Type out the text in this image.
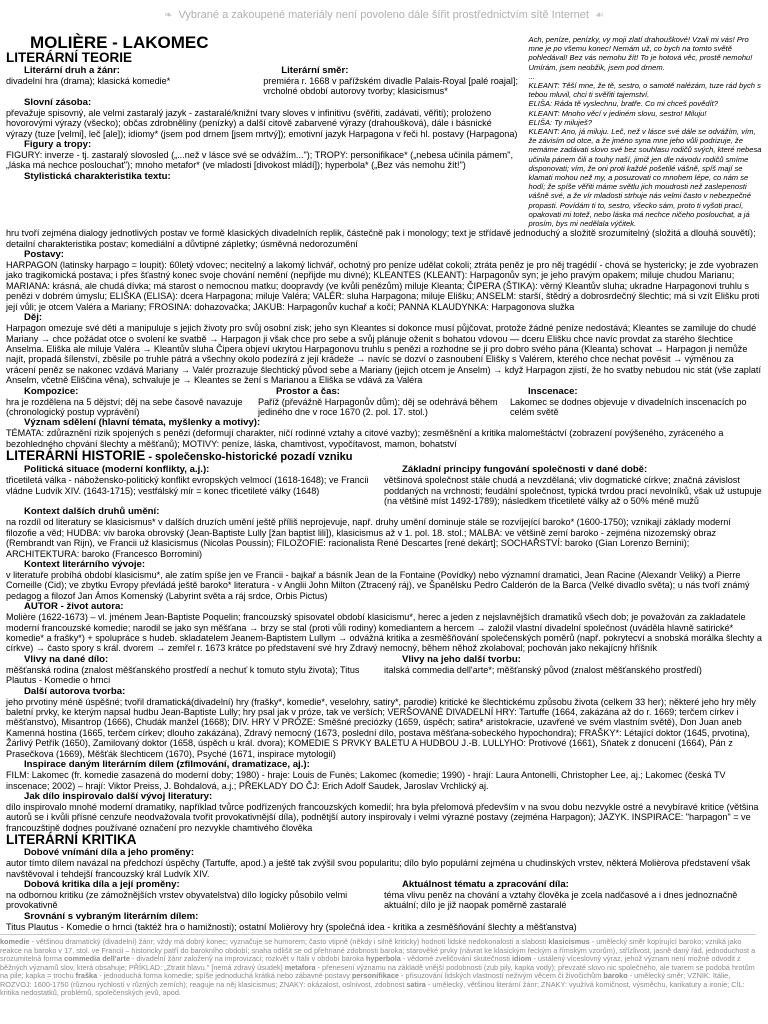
❧ Vybrané a zakoupené materiály není povoleno dále šířit prostřednictvím sítě Internet ☙
MOLIÈRE - LAKOMEC
LITERÁRNÍ TEORIE
Literární druh a žánr:

divadelní hra (drama); klasická komedie*

Literární směr:

premiéra r. 1668 v pařížském divadle Palais-Royal [palé roajal]; vrcholné období autorovy tvorby; klasicismus*

Slovní zásoba:

převažuje spisovný, ale velmi zastaralý jazyk - zastaralé/knižní tvary sloves v infinitivu (svěřiti, zadávati, věřiti); prolożeno hovorovými výrazy (všecko); občas zdrobněliny (penízky) a další citově zabarvené výrazy (drahoušková), dále i básnické výrazy (tuze [velmi], leč [ale]); idiomy* (jsem pod drnem [jsem mrtvý]); emotivní jazyk Harpagona v řeči hl. postavy (Harpagona)

Figury a tropy:

FIGURY: inverze - tj. zastaralý slovosled („...než v lásce své se odvážím..."); TROPY: personifikace* („nebesa učinila pámem", „láska má nechce poslouchat"); mnoho metafor* (ve mladosti [divokost mládí]); hyperbola* („Bez vás nemohu žít!")

Stylistická charakteristika textu:
Ach, peníze, penízky, vy moji zlatí drahouškové! Vzali mi vás! Pro mne je po všemu konec! Nemám už, co bych na tomto světě pohledával! Bez vás nemohu žít! To je hotová věc, prostě nemohu! Umírám, jsem neobžik, jsem pod drnem.
...
KLEANT: Těší mne, že tě, sestro, o samotě nalézám, tuze rád bych s tebou mluvil, chci ti svěřiti tajemství.
ELIŠA: Ráda tě vyslechnu, bratře. Co mi chceš povědít?
KLEANT: Mnoho věcí v jediném slovu, sestro! Miluju!
ELIŠA: Ty miluješ?
KLEANT: Ano, já miluju. Leč, než v lásce své dále se odvážím, vím, že závisím od otce, a že jméno syna mne jeho vůli podrizuje, že nemáme zadávati slovo své bez souhlasu rodičů svých, které nebesa učinila pánem čili a touhy naší, jimiž jen dle návodu rodičů smíme disponovati; vím, že oni proti každé pošetilé vášně, spíš mají se klamati mohou než my, a posuzovati co mnohem lépe, co nám se hodí; že spíše věřiti máme světlu jich moudrosti než zaslepenosti vášně své, a že vír mladosti strhuje nás velmi často v nebezpečné propasti. Povídám ti to, sestro, všecko sám, proto ti vyšoti prací, opakovati mi totež, nebo láska má nechce ničeho poslouchat, a já prosím, bys mi nedělala výčitek.

hru tvoří zejména dialogy jednotlivých postav ve formě klasických divadelních replik, částečně pak i monology; text je střídavě jednoduchý a složitě srozumitelný (složitá a dlouhá souvětí); detailní charakteristika postav; komediální a důvtipné zápletky; úsměvná nedorozumění

Postavy:

HARPAGON (latinsky harpago = loupit): 60letý vdovec; necitelný a lakomý lichvář, ochotný pro peníze udělat cokoli; ztráta peněz je pro něj tragédií - chová se hystericky; je zde vyobrazen jako tragikomická postava; i přes šťastný konec svoje chování nemění (nepřijde mu divné); KLEANTES (KLEANT): Harpagonův syn; je jeho pravým opakem; miluje chudou Marianu; MARIANA: krásná, ale chudá dívka; má starost o nemocnou matku; doopravdy (ve kvůli penězům) miluje Kleanta; ČIPERA (ŠTIKA): věrný Kleantův sluha; ukradne Harpagonovi truhlu s penězi v dobrém úmyslu; ELIŠKA (ELISA): dcera Harpagona; miluje Valéra; VALÉR: sluha Harpagona; miluje Elišku; ANSELM: starší, štědrý a dobrosrdečný šlechtic; má si vzít Elišku proti její vůli; je otcem Valéra a Mariany; FROSINA: dohazovačka; JAKUB: Harpagonův kuchař a kočí; PANNA KLAUDYNKA: Harpagonova služka

Děj:

Harpagon omezuje své děti a manipuluje s jejich životy pro svůj osobní zisk; jeho syn Kleantes si dokonce musí půjčovat, protože žádné peníze nedostává; Kleantes se zamiluje do chudé Mariany → chce požádat otce o svolení ke svatbě → Harpagon ji však chce pro sebe a svůj plánuje oženit s bohatou vdovou — dceru Elišku chce navíc provdat za starého šlechtice Anselma. Eliška ale miluje Valéra → Kleantův sluha Čipera objeví ukrytou Harpagonovu truhlu s penězi a rozhodne se ji pro dobro svého pána (Kleanta) schovat → Harpagon ji nemůže najít, propadá šílenství, zběsile po truhle pátrá a všechny okolo podezírá z její krádeže → navíc se dozví o zasnoubení Elišky s Valérem, kterého chce nechat pověsit → výměnou za vrácení peněz se nakonec vzdává Mariany → Valér prozrazuje šlechtický původ sebe a Mariany (jejich otcem je Anselm) → když Harpagon zjistí, že ho svatby nebudou nic stát (vše zaplatí Anselm, včetně Eliščina věna), schvaluje je → Kleantes se žení s Marianou a Eliška se vdává za Valéra

Kompozice:

hra je rozdělena na 5 dějství; děj na sebe časově navazuje (chronologický postup vyprávění)

Prostor a čas:

Paříž (převážně Harpagonův dům); děj se odehrává během jediného dne v roce 1670 (2. pol. 17. stol.)

Inscenace:

Lakomec se dodnes objevuje v divadelních inscenacích po celém světě

Význam sdělení (hlavní témata, myšlenky a motivy):

TÉMATA: zdůraznění rizik spojených s penězi (deformují charakter, ničí rodinné vztahy a citové vazby); zesměšnění a kritika malomeštáctví (zobrazení povýšeného, zyráceného a bezohledného chování šlechty a měšťanů); MOTIVY: peníze, láska, chamtivost, vypočítavost, mamon, bohatství

LITERÁRNÍ HISTORIE - společensko-historické pozadí vzniku
Politická situace (moderní konflikty, a.j.):

třicetiletá válka - náboženskо-politický konflikt evropských velmocí (1618-1648); ve Francii vládne Ludvík XIV. (1643-1715); vestfálský mír = konec třicetileté války (1648)

Základní principy fungování společnosti v dané době:

většinová společnost stále chudá a nevzdělaná; vliv dogmatické církve; značná závislost poddaných na vrchnosti; feudální společnost, typická tvrdou prací nevolníků, však už ustupuje (na většině míst 1492-1789); následkem třicetileté války až o 50% méně mužů

Kontext dalších druhů umění:

na rozdíl od literatury se klasicismus* v dalších druzích umění ještě příliš neprojevuje, např. druhy umění dominuje stále se rozvíjející baroko* (1600-1750); vznikají základy moderní filozofie a věd; HUDBA: viv baroka obrovský (Jean-Baptiste Lully [žan baptist lili]), klasicismus až v 1. pol. 18. stol.; MALBA: ve většině zemí baroko - zejména nizozemský obraz (Rembrandt van Rijn), ve Francii už klasicismus (Nicolas Poussin); FILOZOFIE: racionalista René Descartes [rené dekárt]; SOCHAŘSTVÍ: baroko (Gian Lorenzo Bernini); ARCHITEKTURA: baroko (Francesco Borromini)

Kontext literárního vývoje:

v literatuře probíhá období klasicismu*, ale zatím spíše jen ve Francii - bajkař a básník Jean de la Fontaine (Povídky) nebo významní dramatici, Jean Racine (Alexandr Veliký) a Pierre Corneille (Cid); ve zbytku Evropy převládá ještě baroko* literatura - v Anglii John Milton (Ztracený ráj), ve Španělsku Pedro Calderón de la Barca (Velké divadlo světa); u nás tvoří známý pedagog a filozof Jan Ámos Komenský (Labyrint světa a ráj srdce, Orbis Pictus)

AUTOR - život autora:

Molière (1622-1673) – vl. jménem Jean-Baptiste Poquelin; francouzský spisovatel období klasicismu*, herec a jeden z nejslavnějších dramatiků všech dob; je považován za zakladatele moderní francouzské komedie; narodil se jako syn měšťana → brzy se stal (proti vůli rodiny) komediantem a hercem → založil vlastní divadelní společnost (uváděla hlavně satirické* komedie* a frašky*) + spolupráce s hudeb. skladatelem Jeanem-Baptistem Lullym → odvážná kritika a zesměšňování společenských poměrů (např. pokrytecví a snobská morálka šlechty a církve) → často spory s král. dvorem → zemřel r. 1673 krátce po představení své hry Zdravý nemocný, během něhož zkolaboval; pochován jako nekajícný hříšník

Vlivy na dané dílo:

měšťanská rodina (znalost měšťanského prostředí a nechuť k tomuto stylu života); Titus Plautus - Komedie o hrnci

Vlivy na jeho další tvorbu:

italská commedia dell'arte*; měšťanský původ (znalost měšťanského prostředí)

Další autorova tvorba:

jeho prvotiny méně úspěšné; tvořil dramatická(divadelní) hry (frašky*, komedie*, veselohry, satiry*, parodie) kritické ke šlechtickému způsobu života (celkem 33 her); některé jeho hry měly baletní prvky, ke kterým napsal hudbu Jean-Baptiste Lully; hry psal jak v próze, tak ve verších; VERŠOVANÉ DIVADELNÍ HRY: Tartuffe (1664, zakázána až do r. 1669; terčem církev i měšťanstvo), Misantrop (1666), Chudák manžel (1668); DIV. HRY V PRÓZE: Směšné preciózky (1659, úspěch; satira* aristokracie, uzavřené ve svém vlastním světě), Don Juan aneb Kamenná hostina (1665, terčem církev; dlouho zakázána), Zdravý nemocný (1673, poslední dílo, postava měšťana-sobeckého hypochondra); FRAŠKY*: Létající doktor (1645, prvotina), Žárlivý Petřík (1650), Zamilovaný doktor (1658, úspěch u král. dvora); KOMEDIE S PRVKY BALETU A HUDBOU J.-B. LULLYHO: Protivové (1661), Sňatek z donucení (1664), Pán z Prasečkova (1669), Měšťák šlechticem (1670), Psyché (1671, inspirace mytologií)

Inspirace daným literárním dílem (zfilmování, dramatizace, aj.):

FILM: Lakomec (fr. komedie zasazená do moderní doby; 1980) - hraje: Louis de Funès; Lakomec (komedie; 1990) - hrají: Laura Antonelli, Christopher Lee, aj.; Lakomec (česká TV inscenace; 2002) – hrají: Viktor Preiss, J. Bohdalová, a.j.; PŘEKLADY DO ČJ: Erich Adolf Saudek, Jaroslav Vrchlický aj.

Jak dílo inspirovalo další vývoj literatury:

dílo inspirovalo mnohé moderní dramatiky, například tvůrce podřízených francouzských komedií; hra byla přelomová především v na svou dobu nezvykle ostré a nevybíravé kritice (většina autorů se i kvůli přísné cenzuře neodvažovala tvořit provokativnější díla), podnětjší autory inspirovaly i velmi výrazné postavy (zejména Harpagon); JAZYK. INSPIRACE: "harpagon" = ve francouzštině dodnes používané označení pro nezvykle chamtivého člověka

LITERÁRNÍ KRITIKA
Dobové vnímání díla a jeho proměny:

autor tímto dílem navázal na předchozí úspěchy (Tartuffe, apod.) a ještě tak zvýšil svou popularitu; dílo bylo populární zejména u chudinských vrstev, některá Molièrova představení však navštěvoval i tehdejší francouzský král Ludvík XIV.

Dobová kritika díla a její proměny:

na odbornou kritiku (ze zámožnějších vrstev obyvatelstva) dílo logicky působilo velmi provokativně

Aktuálnost tématu a zpracování díla:

téma vlivu peněz na chování a vztahy člověka je zcela nadčasové a i dnes jednoznačně aktuální; dílo je již naopak poměrně zastaralé

Srovnání s vybraným literárním dílem:

Titus Plautus - Komedie o hrnci (taktéž hra o hamižnosti); ostatní Molièrovy hry (společná idea - kritika a zesměšňování šlechty a měšťanstva)

komedie - většinou dramatický (divadelní) žánr; vždy má dobrý konec; vyznačuje se humorem; často vtipně (někdy i silně kriticky) hodnotí lidské nedokonalosti a slabosti klasicismus - umělecký směr kopírující baroko; vzniká jako reakce na baroko v 17. stol. ve Francii – historicky patří do barokního období; snaha odlišit se od přehnané zdobnosti baroka; starověké prvky (návrat ke klasickým řeckým a římským vzorům), střízlivost, jasně daný řád, jednoduchost a srozumitelná forma commedia dell'arte - divadelní žánr založený na improvizaci; rozkvět v Itálii v období baroka hyperbola - vědomé zveličování skutečnosti idiom - ustálený víceslovný výraz, jehož význam není možné odvodit z běžných významů slov, která obsahuje; PŘÍKLAD: „Ztratit hlavu." [nemá zdravý úsudek] metafora - přenesení významu na základě vnější podobnosti (zub pily, kapka vody); převzaté slovo nic společného, ale tvarem se podobá hrotům na pile; kapka = trochu fraška - jednoduchá forma komedie; spíše jednoduchá krátká nebo zábavné postavy personifikace - přisuzování lidských vlastností neživým věcem či živočichům baroko - umělecký směr; VZNIK: Itálie, ROZVOJ: 1600-1750 (různou rychlostí v různých zemích); reaguje na něj klasicismus; ZNAKY: okázalost, oslnivost, zdobnost satira - umělecký, většinou literární žánr; ZNAKY: využívá komičnost, výsměchu, karikatury a ironie; CÍL: kritika nedostatků, problémů, společenských jevů, apod.
